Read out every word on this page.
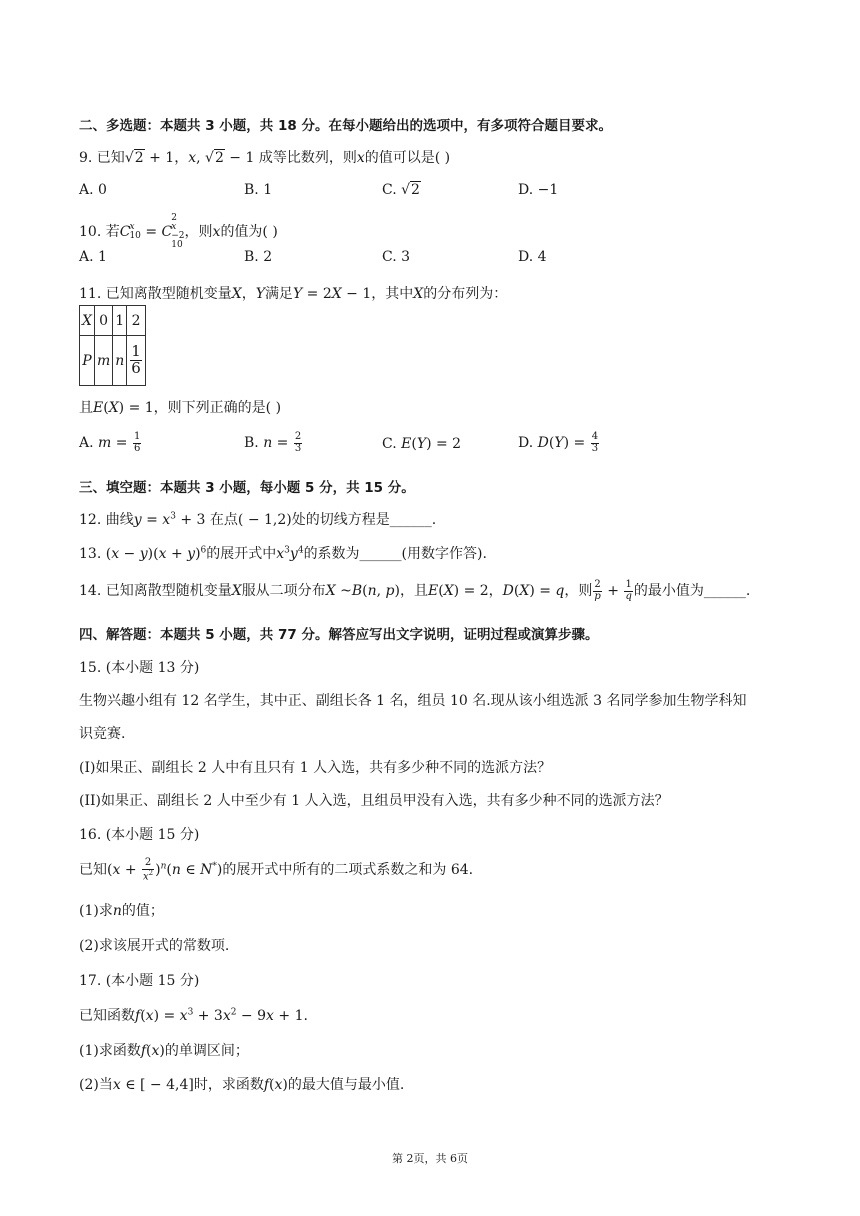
二、多选题：本题共 3 小题，共 18 分。在每小题给出的选项中，有多项符合题目要求。
9. 已知√2 + 1，x, √2 − 1 成等比数列，则x的值可以是( )
A. 0	B. 1	C. √2	D. −1
10. 若C x
10 = C
2
x
−2
10
，则x的值为( )
A. 1	B. 2	C. 3	D. 4
11. 已知离散型随机变量X，Y满足Y = 2X − 1，其中X的分布列为：
X	0	1	2
P	m	n	$\frac{1}{6}$
且E(X) = 1，则下列正确的是( )
A. $m = \frac{1}{6}$	B. $n = \frac{2}{3}$	C. E(Y) = 2	D. $D(Y) = \frac{4}{3}$
三、填空题：本题共 3 小题，每小题 5 分，共 15 分。
12. 曲线$y = x^3 + 3$ 在点( − 1,2)处的切线方程是______.
13. $(x - y)(x + y)^6$的展开式中$x^3y^4$的系数为______(用数字作答).
14. 已知离散型随机变量X服从二项分布X ~B(n, p)，且E(X) = 2，D(X) = q，则 $\frac{2}{p} + \frac{1}{q}$ 的最小值为______.
四、解答题：本题共 5 小题，共 77 分。解答应写出文字说明，证明过程或演算步骤。
15. (本小题 13 分)
生物兴趣小组有 12 名学生，其中正、副组长各 1 名，组员 10 名.现从该小组选派 3 名同学参加生物学科知
识竞赛.
(I)如果正、副组长 2 人中有且只有 1 人入选，共有多少种不同的选派方法？
(II)如果正、副组长 2 人中至少有 1 人入选，且组员甲没有入选，共有多少种不同的选派方法？
16. (本小题 15 分)
已知$(x + \frac{2}{x^2} )^n(n$ ∈ N*)的展开式中所有的二项式系数之和为 64.
(1)求n的值；
(2)求该展开式的常数项.
17. (本小题 15 分)
已知函数$f(x) = x^3 + 3x^2 - 9x + 1$.
(1)求函数f(x)的单调区间；
(2)当x ∈ [ − 4,4]时，求函数f(x)的最大值与最小值.
第 2页，共 6页
